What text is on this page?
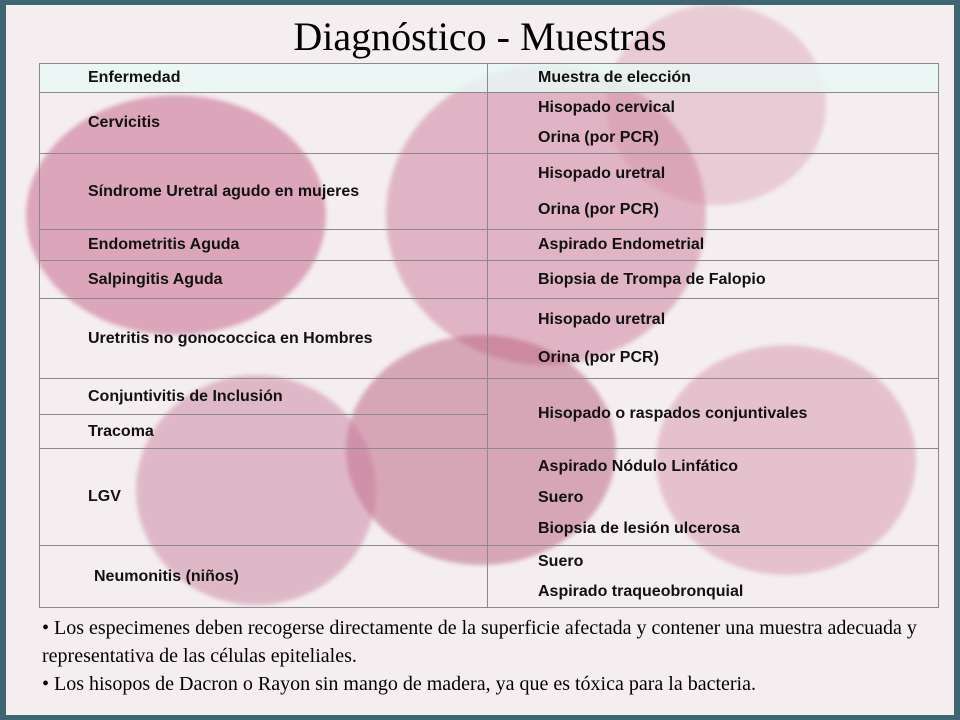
Diagnóstico - Muestras
Enfermedad	Muestra de elección
Cervicitis	Hisopado cervical
Orina (por PCR)

Síndrome Uretral agudo en mujeres	Hisopado uretral
Orina (por PCR)

Endometritis Aguda	Aspirado Endometrial

Salpingitis Aguda	Biopsia de Trompa de Falopio

Uretritis no gonococcica en Hombres	Hisopado uretral
Orina (por PCR)

Conjuntivitis de Inclusión	Hisopado o raspados conjuntivales

Tracoma	
LGV	Aspirado Nódulo Linfático
Suero
Biopsia de lesión ulcerosa

Neumonitis (niños)	Suero
Aspirado traqueobronquial

• Los especimenes deben recogerse directamente de la superficie afectada y contener una muestra adecuada y representativa de las células epiteliales.

• Los hisopos de Dacron o Rayon sin mango de madera, ya que es tóxica para la bacteria.
